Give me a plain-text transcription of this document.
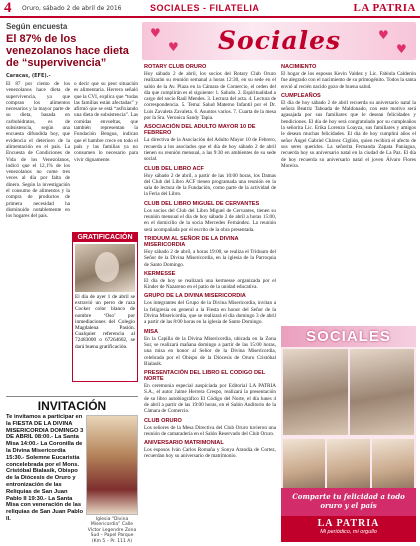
4 Oruro, sábado 2 de abril de 2016	SOCIALES - FILATELIA	LA PATRIA
Según encuesta
El 87% de los venezolanos hace dieta de “supervivencia”
Caracas, (EFE).-
El 87 por ciento de los venezolanos hace dieta de supervivencia, ya que compran los alimentos necesarios y la mayor parte de su dieta, basada en carbohidratos, es de subsistencia, según una encuesta difundida hoy, que evidencia el deterioro de la alimentación en el país. La Encuesta de Condiciones de Vida de los Venezolanos, indicó que el 12,1% de los venezolanos no come tres veces al día por falta de dinero. Según la investigación el consumo de alimentos y la compra de productos de primera necesidad ha disminuido notablemente en los hogares del país.
o decir que su peor situación es alimentaria. Herrera señaló que la CVI, explica que “todas las familias están afectadas” y afirmó que se está “asfixiando una dieta de subsistencia”. Las comidas envueltas, que también representan la Fundación Bengoa, indican que el hambre crece en todo el país y las familias ya no consumen lo necesario para vivir dignamente.
GRATIFICACIÓN
El día de ayer 1 de abril se extravió un perro de raza Cocker color blanco de nombre ‘Oso’ por inmediaciones del Colegio Magdalena Pasión. Cualquier referencia al 72483000 o 67264602, se dará buena gratificación.
INVITACIÓN
Te invitamos a participar en la FIESTA DE LA DIVINA MISERICORDIA DOMINGO 3 DE ABRIL 08:00.- La Santa Misa 14:00.- La Coronilla de la Divina Misericordia 15:30.- Solemne Eucaristía concelebrada por el Mons. Cristóbal Bialasik, Obispo de la Diócesis de Oruro y entronización de las Reliquias de San Juan Pablo II 19:30.- La Santa Misa con veneración de las reliquias de San Juan Pablo II.	Iglesia “Divina Misericordia” Calle Víctor Legendre Zona Sud – Papel Parque (Km 5 – Pr. 111 A)
♥
♥
♥
♥
Sociales
ROTARY CLUB ORURO
Hoy sábado 2 de abril, los socios del Rotary Club Oruro realizarán su reunión semanal a horas 12:30, en su sede en el salón de la Av. Plaza en la Cámara de Comercio, el orden del día que cumplirán es el siguiente: 1. Saludo. 2. Espiritualidad a cargo del socio Raúl Mendes. 3. Lectura del acta. 4. Lectura de correspondencia. 5. Tema: Salud Materno Infantil por el Dr. Luis Zavaleta Zavaleta. 6. Asuntos varios. 7. Cuarta de la mesa por la Sra. Veronica Sandy Tapia.
ASOCIACIÓN DEL ADULTO MAYOR 10 DE FEBRERO
La directiva de la Asociación del Adulto Mayor 10 de Febrero, recuerda a los asociados que el día de hoy sábado 2 de abril tienen su reunión mensual, a las 9:30 en ambientes de su sede social.
CLUB DEL LIBRO ACF
Hoy sábado 2 de abril, a partir de las 10:00 horas, los Damas del Club del Libro ACF tienen programada una reunión en la sala de lectura de la Fundación, como parte de la actividad de la Feria del Libro.
CLUB DEL LIBRO MIGUEL DE CERVANTES
Los socios del Club del Libro Miguel de Cervantes, tienen su reunión mensual el día de hoy sábado 2 de abril a horas 15:00, en el domicilio de la socia Mercedes Fernández. La reunión será acompañada por el escrito de la obra presentada.
TRIDUUM AL SEÑOR DE LA DIVINA MISERICORDIA
Hoy sábado 2 de abril, a horas 19:00, se realiza el Triduum del Señor de la Divina Misericordia, en la iglesia de la Parroquia de Santo Domingo.
KERMESSE
El día de hoy se realizará una kermesse organizada por el Kínder de Nazareno en el patio de la unidad educativa.
GRUPO DE LA DIVINA MISERICORDIA
Los integrantes del Grupo de la Divina Misericordia, invitan a la feligresía en general a la Fiesta en honor del Señor de la Divina Misericordia, que se realizará el día domingo 3 de abril a partir de las 8:00 horas en la iglesia de Santo Domingo.
MISA
En la Capilla de la Divina Misericordia, ubicada en la Zona Sur, se realizará mañana domingo a partir de las 15:00 horas, una misa en honor al Señor de la Divina Misericordia, celebrada por el Obispo de la Diócesis de Oruro Cristóbal Bialasik.
PRESENTACIÓN DEL LIBRO EL CODIGO DEL NORTE
En ceremonia especial auspiciada por Editorial LA PATRIA S.A., el autor Jaime Herrera Crespo, realizará la presentación de su libro autobiográfico El Código del Norte, el día lunes 4 de abril a partir de las 19:00 horas, en el Salón Auditorio de la Cámara de Comercio.
CLUB ORURO
Los señores de la Mesa Directiva del Club Oruro tuvieron una reunión de camaradería en el Salón Reservado del Club Oruro.
ANIVERSARIO MATRIMONIAL
Los esposos Iván Carlos Romaña y Sonya Arandia de Cortez, recuerdan hoy su aniversario de matrimonio.
NACIMIENTO
El hogar de los esposos Kevin Valdez y Lic. Fabiola Calderón fue alegrado con el nacimiento de su primogénito. Todos la santa envió al recién nacido gozo de buena salud.
CUMPLEAÑOS
El día de hoy sábado 2 de abril recuerda su aniversario natal la señora Beatriz Taboada de Maldonado, con este motivo será agasajada por sus familiares que le desean felicidades y bendiciones. El día de hoy será congratulado por su cumpleaños la señorita Lic. Erika Lorenzo Loayza, sus familiares y amigos le desean muchas felicidades. El día de hoy cumplirá años el señor Ángel Gabriel Chávez Ciglión, quien recibirá el afecto de sus seres queridos. La señorita Fernanda Zapata Paniagua, recuerda hoy su aniversario natal en la ciudad de La Paz. El día de hoy recuerda su aniversario natal el joven Álvaro Flores Moreira.
SOCIALES
Comparte tu felicidad a todo oruro y el país
LA PATRIA
Mi periódico, mi orgullo
